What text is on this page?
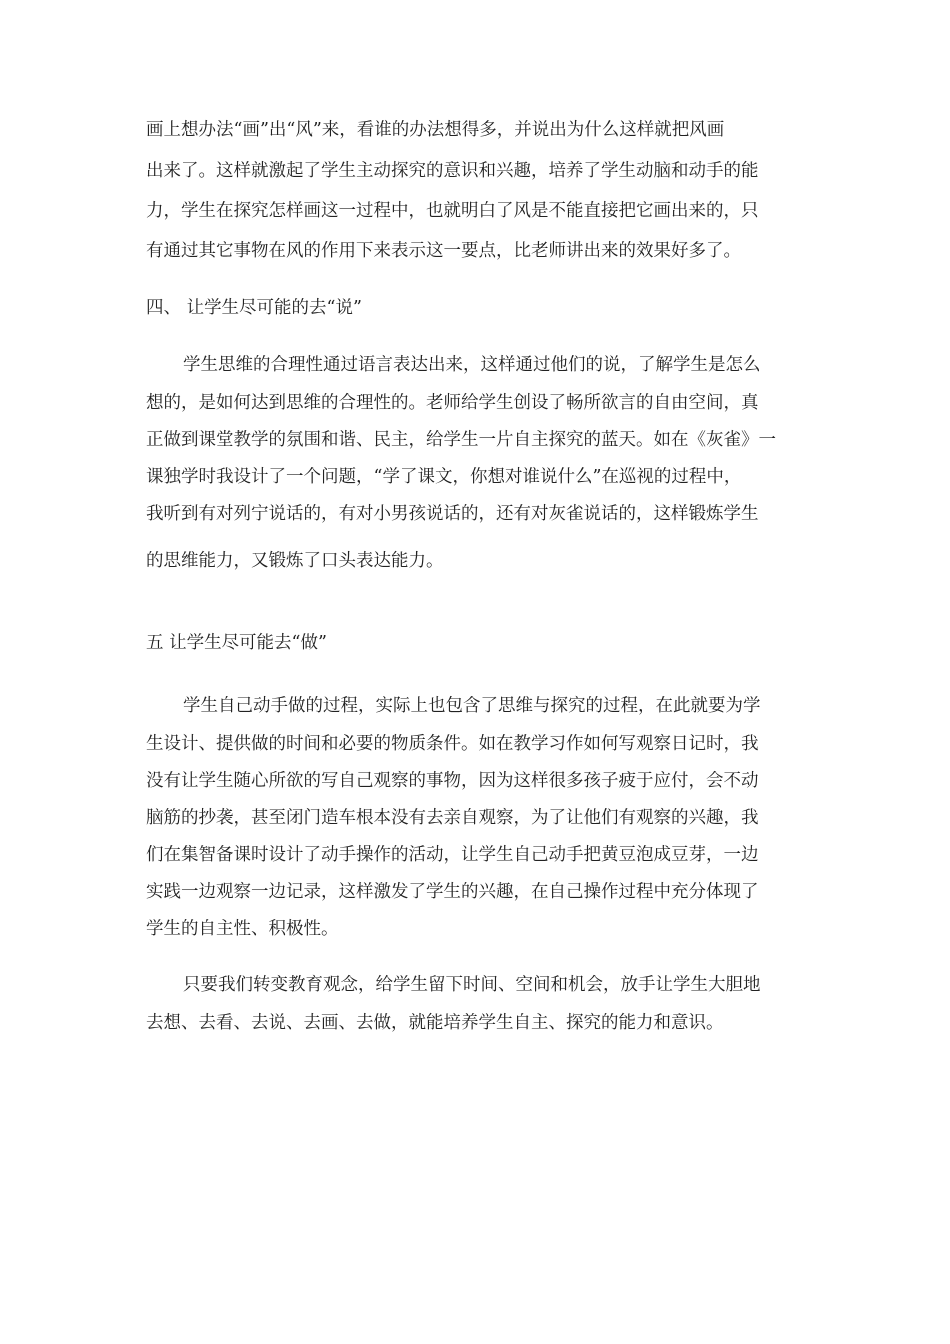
画上想办法“画”出“风”来，看谁的办法想得多，并说出为什么这样就把风画
出来了。这样就激起了学生主动探究的意识和兴趣，培养了学生动脑和动手的能
力，学生在探究怎样画这一过程中，也就明白了风是不能直接把它画出来的，只
有通过其它事物在风的作用下来表示这一要点，比老师讲出来的效果好多了。
四、 让学生尽可能的去“说”
学生思维的合理性通过语言表达出来，这样通过他们的说，了解学生是怎么
想的，是如何达到思维的合理性的。老师给学生创设了畅所欲言的自由空间，真
正做到课堂教学的氛围和谐、民主，给学生一片自主探究的蓝天。如在《灰雀》一
课独学时我设计了一个问题，“学了课文，你想对谁说什么”在巡视的过程中，
我听到有对列宁说话的，有对小男孩说话的，还有对灰雀说话的，这样锻炼学生
的思维能力，又锻炼了口头表达能力。
五 让学生尽可能去“做”
学生自己动手做的过程，实际上也包含了思维与探究的过程，在此就要为学
生设计、提供做的时间和必要的物质条件。如在教学习作如何写观察日记时，我
没有让学生随心所欲的写自己观察的事物，因为这样很多孩子疲于应付，会不动
脑筋的抄袭，甚至闭门造车根本没有去亲自观察，为了让他们有观察的兴趣，我
们在集智备课时设计了动手操作的活动，让学生自己动手把黄豆泡成豆芽，一边
实践一边观察一边记录，这样激发了学生的兴趣，在自己操作过程中充分体现了
学生的自主性、积极性。
只要我们转变教育观念，给学生留下时间、空间和机会，放手让学生大胆地
去想、去看、去说、去画、去做，就能培养学生自主、探究的能力和意识。
